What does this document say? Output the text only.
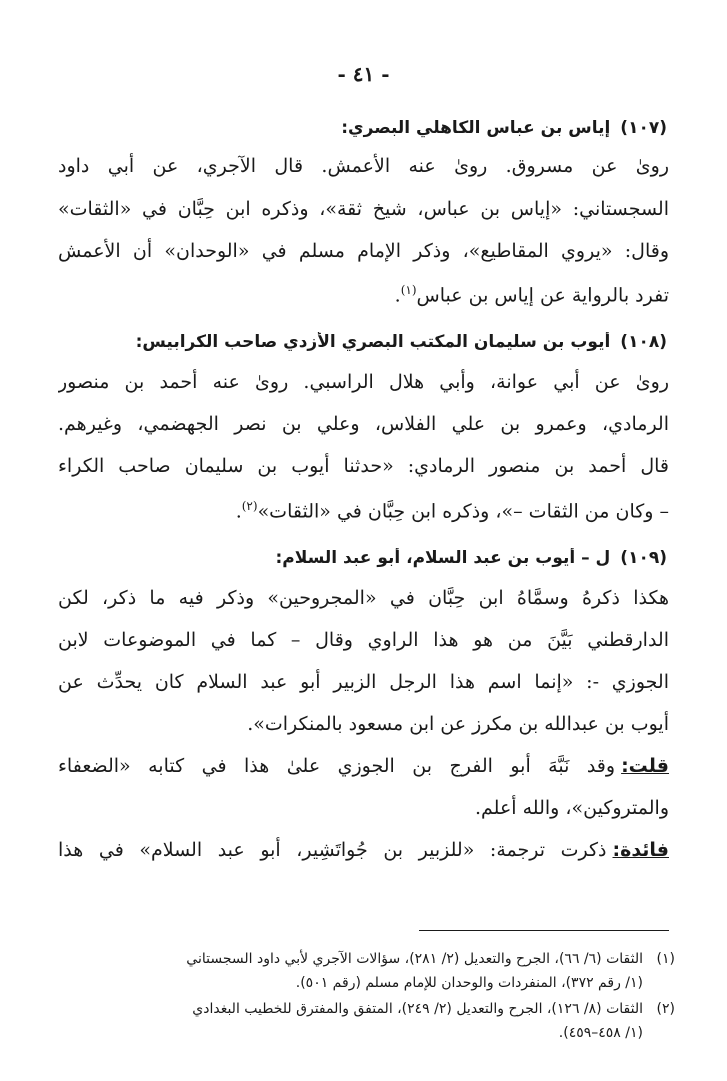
- ٤١ -
(١٠٧)إياس بن عباس الكاهلي البصري:
رویٰ عن مسروق. رویٰ عنه الأعمش. قال الآجري، عن أبي داود
السجستاني: «إياس بن عباس، شيخ ثقة»، وذكره ابن حِبَّان في «الثقات»
وقال: «يروي المقاطيع»، وذكر الإمام مسلم في «الوحدان» أن الأعمش
تفرد بالرواية عن إياس بن عباس$^{(١)}$.
(١٠٨)أيوب بن سليمان المكتب البصري الأزدي صاحب الكرابيس:
رویٰ عن أبي عوانة، وأبي هلال الراسبي. رویٰ عنه أحمد بن منصور
الرمادي، وعمرو بن علي الفلاس، وعلي بن نصر الجهضمي، وغيرهم.
قال أحمد بن منصور الرمادي: «حدثنا أيوب بن سليمان صاحب الكراء
– وكان من الثقات –»، وذكره ابن حِبَّان في «الثقات»$^{(٢)}$.
(١٠٩)ل – أيوب بن عبد السلام، أبو عبد السلام:
هكذا ذكرهُ وسمَّاهُ ابن حِبَّان في «المجروحين» وذكر فيه ما ذكر، لكن
الدارقطني بَيَّنَ من هو هذا الراوي وقال – كما في الموضوعات لابن
الجوزي -: «إنما اسم هذا الرجل الزبير أبو عبد السلام كان يحدِّث عن
أيوب بن عبدالله بن مكرز عن ابن مسعود بالمنكرات».
قلت:وقد نَبَّهَ أبو الفرج بن الجوزي علىٰ هذا في كتابه «الضعفاء
والمتروكين»، والله أعلم.
فائدة:ذكرت ترجمة: «للزبير بن جُواتَشِير، أبو عبد السلام» في هذا
(١)الثقات (٦/ ٦٦)، الجرح والتعديل (٢/ ٢٨١)، سؤالات الآجري لأبي داود السجستاني
(١/ رقم ٣٧٢)، المنفردات والوحدان للإمام مسلم (رقم ٥٠١).
(٢)الثقات (٨/ ١٢٦)، الجرح والتعديل (٢/ ٢٤٩)، المتفق والمفترق للخطيب البغدادي
(١/ ٤٥٨–٤٥٩).
